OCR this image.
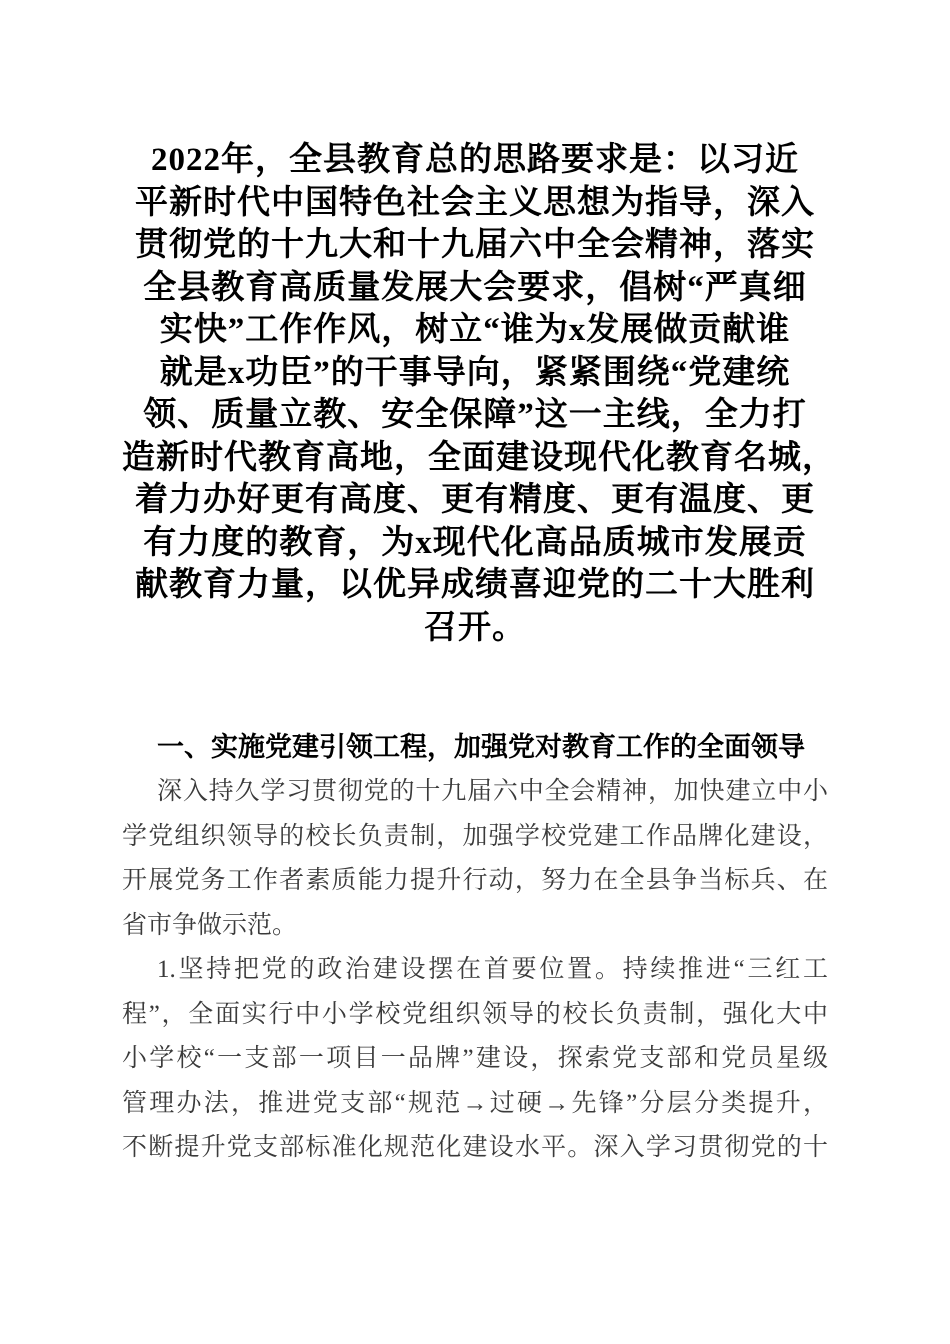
2022年，全县教育总的思路要求是：以习近
平新时代中国特色社会主义思想为指导，深入
贯彻党的十九大和十九届六中全会精神，落实
全县教育高质量发展大会要求，倡树“严真细
实快”工作作风，树立“谁为x发展做贡献谁
就是x功臣”的干事导向，紧紧围绕“党建统
领、质量立教、安全保障”这一主线，全力打
造新时代教育高地，全面建设现代化教育名城，
着力办好更有高度、更有精度、更有温度、更
有力度的教育，为x现代化高品质城市发展贡
献教育力量，以优异成绩喜迎党的二十大胜利
召开。
一、实施党建引领工程，加强党对教育工作的全面领导
深入持久学习贯彻党的十九届六中全会精神，加快建立中小
学党组织领导的校长负责制，加强学校党建工作品牌化建设，
开展党务工作者素质能力提升行动，努力在全县争当标兵、在
省市争做示范。
1.坚持把党的政治建设摆在首要位置。持续推进“三红工
程”，全面实行中小学校党组织领导的校长负责制，强化大中
小学校“一支部一项目一品牌”建设，探索党支部和党员星级
管理办法，推进党支部“规范→过硬→先锋”分层分类提升，
不断提升党支部标准化规范化建设水平。深入学习贯彻党的十
